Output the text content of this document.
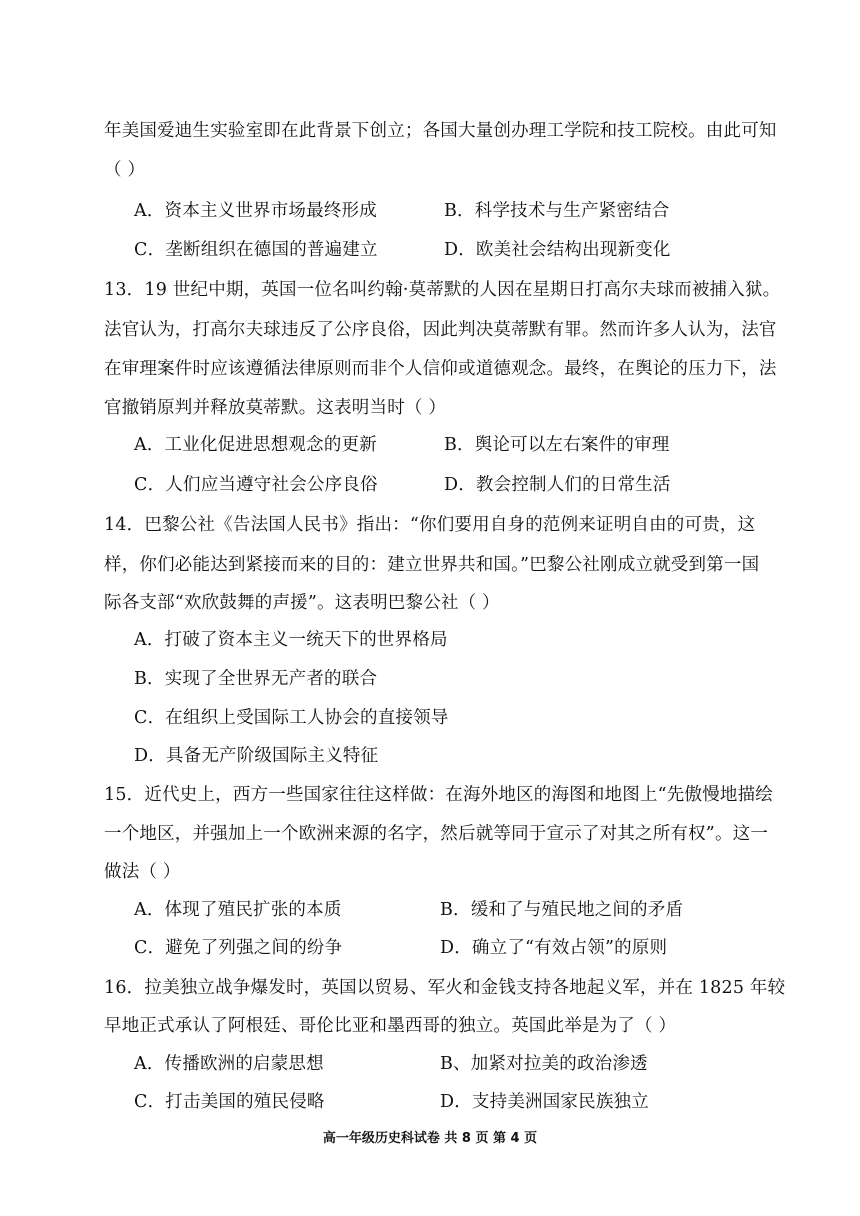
年美国爱迪生实验室即在此背景下创立；各国大量创办理工学院和技工院校。由此可知
（ ）
A．资本主义世界市场最终形成	B．科学技术与生产紧密结合
C．垄断组织在德国的普遍建立	D．欧美社会结构出现新变化
13．19 世纪中期，英国一位名叫约翰·莫蒂默的人因在星期日打高尔夫球而被捕入狱。
法官认为，打高尔夫球违反了公序良俗，因此判决莫蒂默有罪。然而许多人认为，法官
在审理案件时应该遵循法律原则而非个人信仰或道德观念。最终，在舆论的压力下，法
官撤销原判并释放莫蒂默。这表明当时（ ）
A．工业化促进思想观念的更新	B．舆论可以左右案件的审理
C．人们应当遵守社会公序良俗	D．教会控制人们的日常生活
14．巴黎公社《告法国人民书》指出：“你们要用自身的范例来证明自由的可贵，这
样，你们必能达到紧接而来的目的：建立世界共和国。”巴黎公社刚成立就受到第一国
际各支部“欢欣鼓舞的声援”。这表明巴黎公社（ ）
A．打破了资本主义一统天下的世界格局
B．实现了全世界无产者的联合
C．在组织上受国际工人协会的直接领导
D．具备无产阶级国际主义特征
15．近代史上，西方一些国家往往这样做：在海外地区的海图和地图上“先傲慢地描绘
一个地区，并强加上一个欧洲来源的名字，然后就等同于宣示了对其之所有权”。这一
做法（ ）
A．体现了殖民扩张的本质	B．缓和了与殖民地之间的矛盾
C．避免了列强之间的纷争	D．确立了“有效占领”的原则
16．拉美独立战争爆发时，英国以贸易、军火和金钱支持各地起义军，并在 1825 年较
早地正式承认了阿根廷、哥伦比亚和墨西哥的独立。英国此举是为了（ ）
A．传播欧洲的启蒙思想	B、加紧对拉美的政治渗透
C．打击美国的殖民侵略	D．支持美洲国家民族独立
高一年级历史科试卷 共 8 页 第 4 页
